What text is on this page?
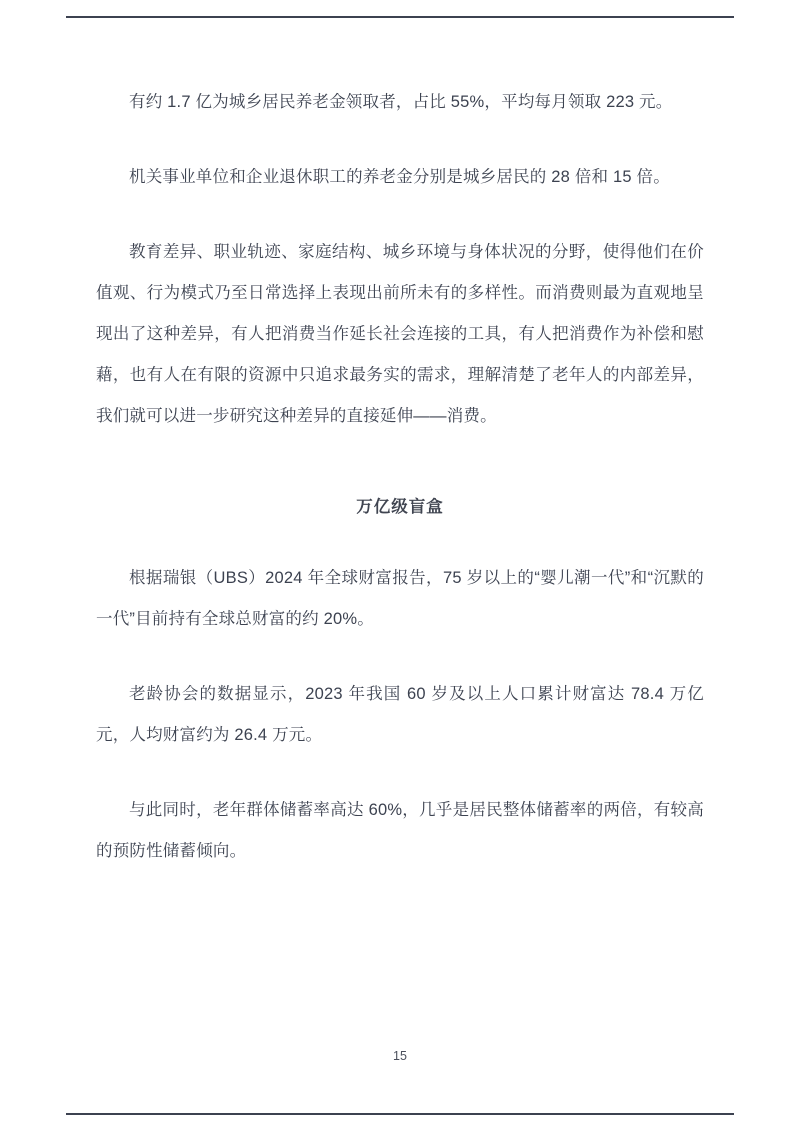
有约 1.7 亿为城乡居民养老金领取者，占比 55%，平均每月领取 223 元。

机关事业单位和企业退休职工的养老金分别是城乡居民的 28 倍和 15 倍。

教育差异、职业轨迹、家庭结构、城乡环境与身体状况的分野，使得他们在价值观、行为模式乃至日常选择上表现出前所未有的多样性。而消费则最为直观地呈现出了这种差异，有人把消费当作延长社会连接的工具，有人把消费作为补偿和慰藉，也有人在有限的资源中只追求最务实的需求，理解清楚了老年人的内部差异，我们就可以进一步研究这种差异的直接延伸——消费。

万亿级盲盒

根据瑞银（UBS）2024 年全球财富报告，75 岁以上的“婴儿潮一代”和“沉默的一代”目前持有全球总财富的约 20%。

老龄协会的数据显示，2023 年我国 60 岁及以上人口累计财富达 78.4 万亿元，人均财富约为 26.4 万元。

与此同时，老年群体储蓄率高达 60%，几乎是居民整体储蓄率的两倍，有较高的预防性储蓄倾向。

15
